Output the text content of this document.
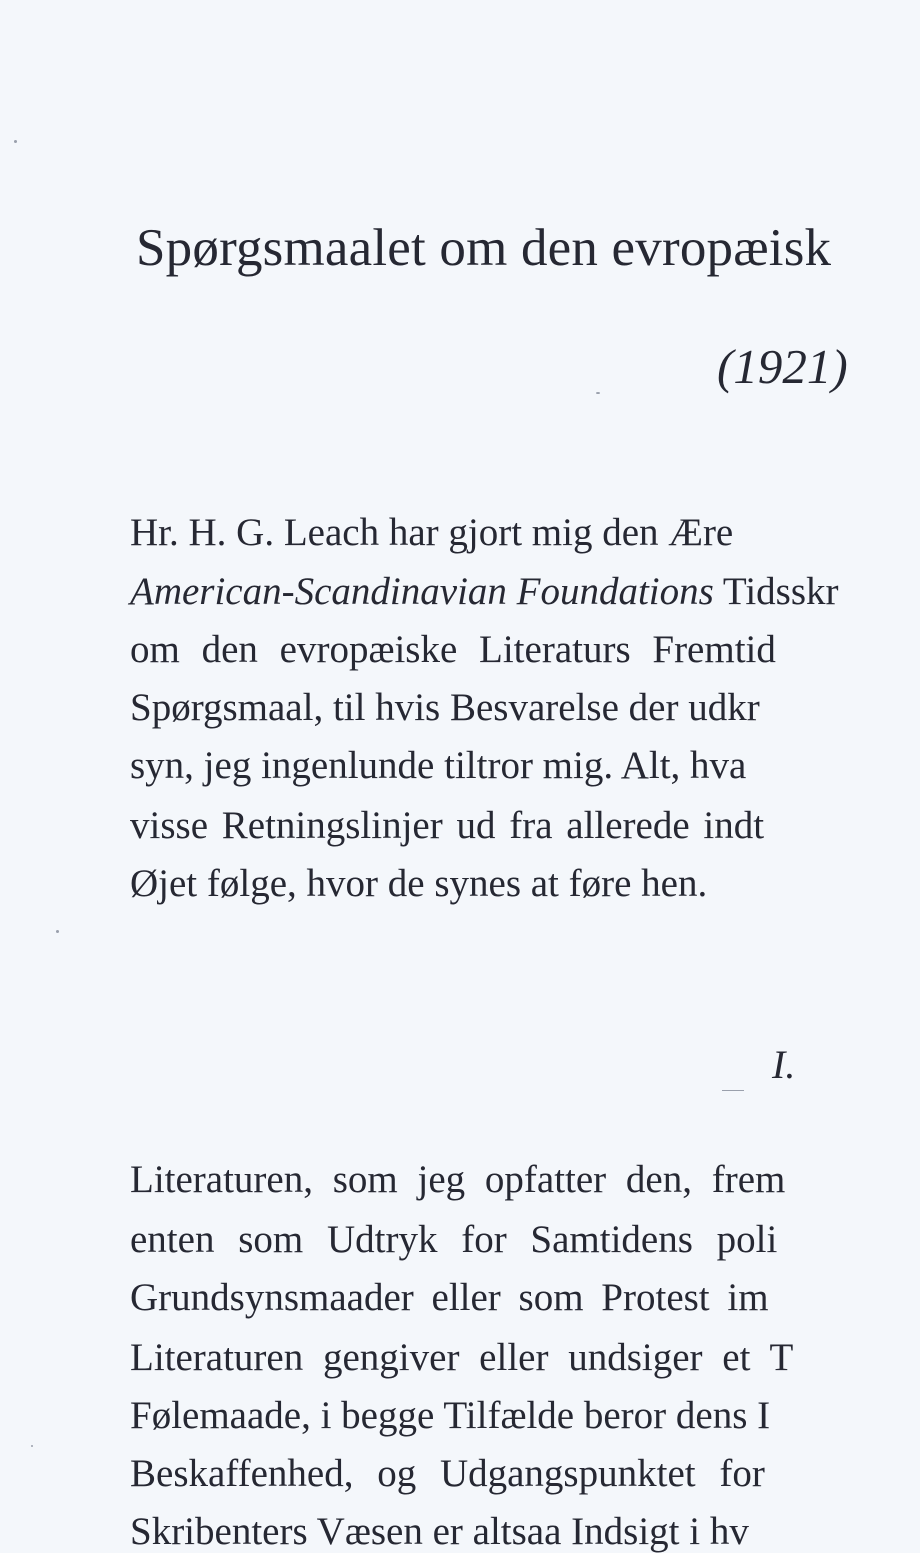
Spørgsmaalet om den evropæisk
(1921)
Hr. H. G. Leach har gjort mig den Ære
American-Scandinavian Foundations Tidsskr
om den evropæiske Literaturs Fremtid
Spørgsmaal, til hvis Besvarelse der udkr
syn, jeg ingenlunde tiltror mig. Alt, hva
visse Retningslinjer ud fra allerede indt
Øjet følge, hvor de synes at føre hen.
I.
Literaturen, som jeg opfatter den, frem
enten som Udtryk for Samtidens poli
Grundsynsmaader eller som Protest im
Literaturen gengiver eller undsiger et T
Følemaade, i begge Tilfælde beror dens I
Beskaffenhed, og Udgangspunktet for
Skribenters Væsen er altsaa Indsigt i hv
